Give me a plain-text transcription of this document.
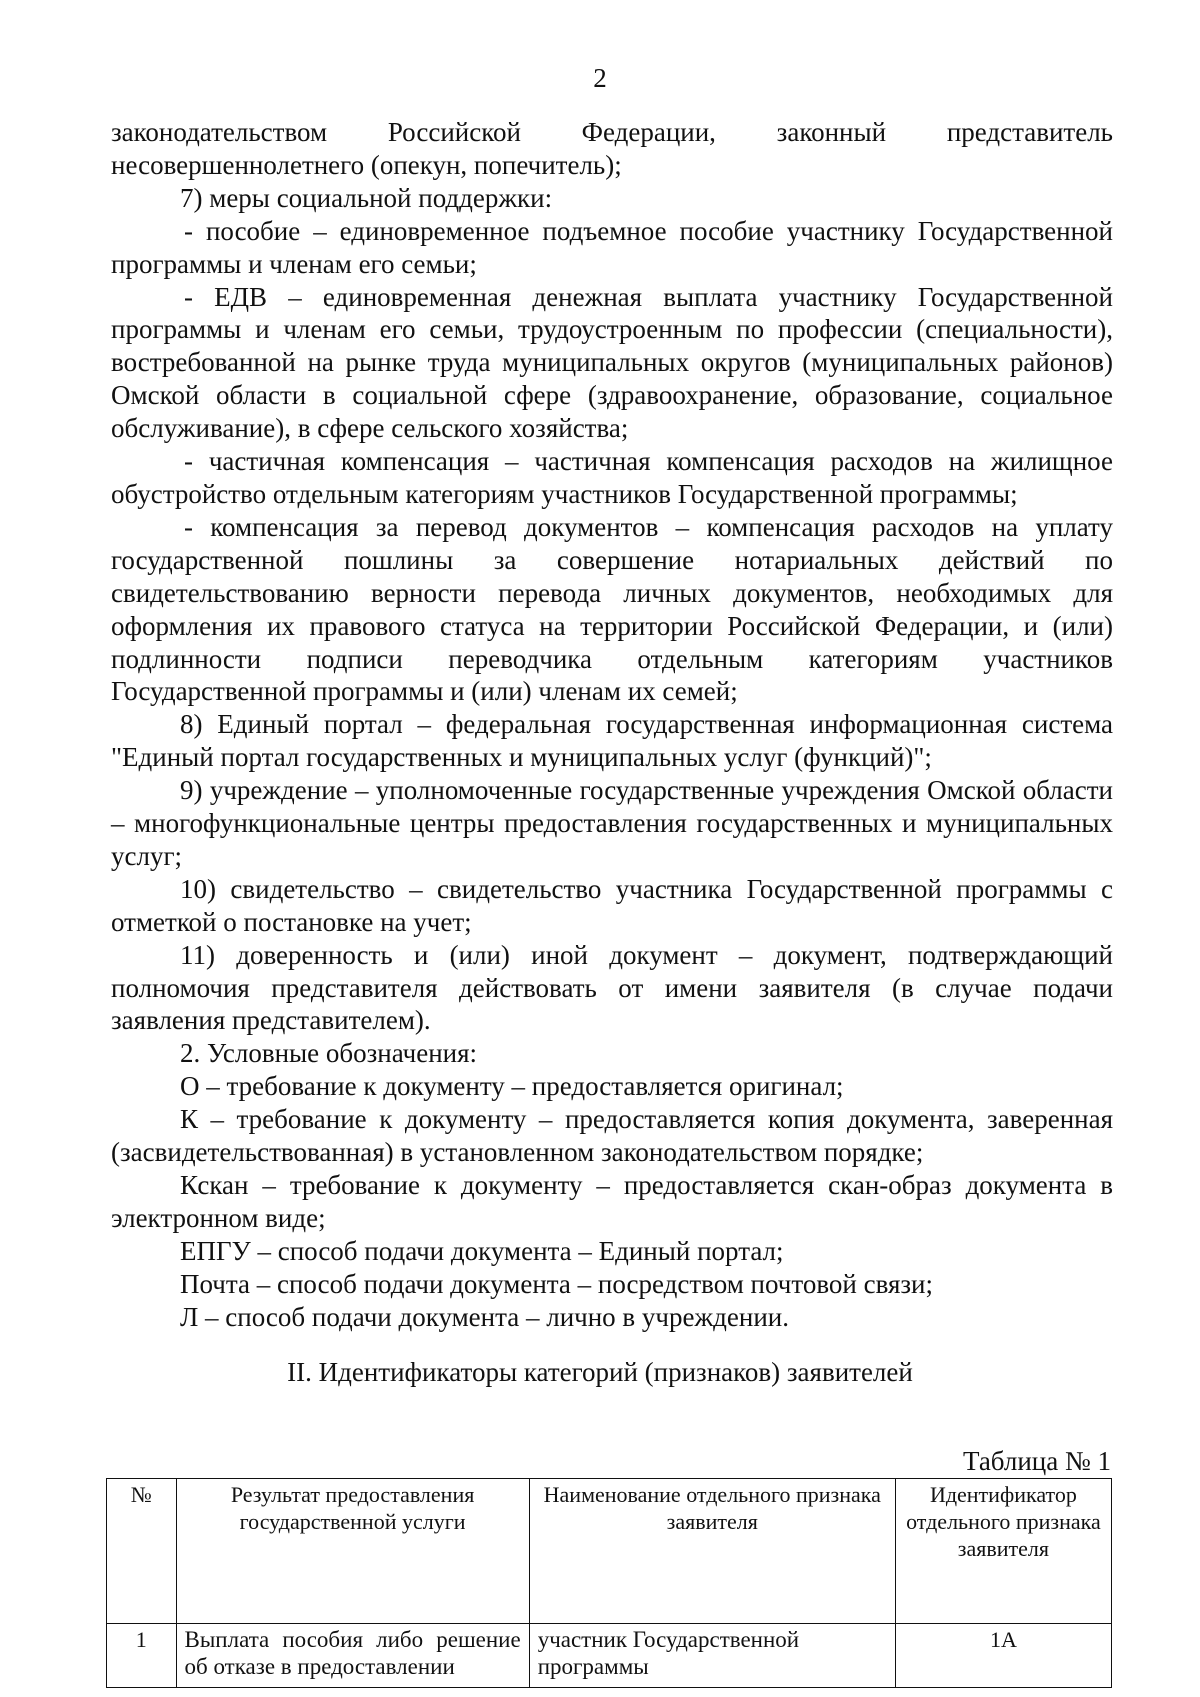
2

законодательством Российской Федерации, законный представитель несовершеннолетнего (опекун, попечитель);

7) меры социальной поддержки:

- пособие – единовременное подъемное пособие участнику Государственной программы и членам его семьи;

- ЕДВ – единовременная денежная выплата участнику Государственной программы и членам его семьи, трудоустроенным по профессии (специальности), востребованной на рынке труда муниципальных округов (муниципальных районов) Омской области в социальной сфере (здравоохранение, образование, социальное обслуживание), в сфере сельского хозяйства;

- частичная компенсация – частичная компенсация расходов на жилищное обустройство отдельным категориям участников Государственной программы;

- компенсация за перевод документов – компенсация расходов на уплату государственной пошлины за совершение нотариальных действий по свидетельствованию верности перевода личных документов, необходимых для оформления их правового статуса на территории Российской Федерации, и (или) подлинности подписи переводчика отдельным категориям участников Государственной программы и (или) членам их семей;

8) Единый портал – федеральная государственная информационная система "Единый портал государственных и муниципальных услуг (функций)";

9) учреждение – уполномоченные государственные учреждения Омской области – многофункциональные центры предоставления государственных и муниципальных услуг;

10) свидетельство – свидетельство участника Государственной программы с отметкой о постановке на учет;

11) доверенность и (или) иной документ – документ, подтверждающий полномочия представителя действовать от имени заявителя (в случае подачи заявления представителем).

2. Условные обозначения:

О – требование к документу – предоставляется оригинал;

К – требование к документу – предоставляется копия документа, заверенная (засвидетельствованная) в установленном законодательством порядке;

Кскан – требование к документу – предоставляется скан-образ документа в электронном виде;

ЕПГУ – способ подачи документа – Единый портал;

Почта – способ подачи документа – посредством почтовой связи;

Л – способ подачи документа – лично в учреждении.

II. Идентификаторы категорий (признаков) заявителей
Таблица № 1
№	Результат предоставления государственной услуги	Наименование отдельного признака заявителя	Идентификатор отдельного признака заявителя
1	Выплата пособия либо решение об отказе в предоставлении	участник Государственной программы	1А
